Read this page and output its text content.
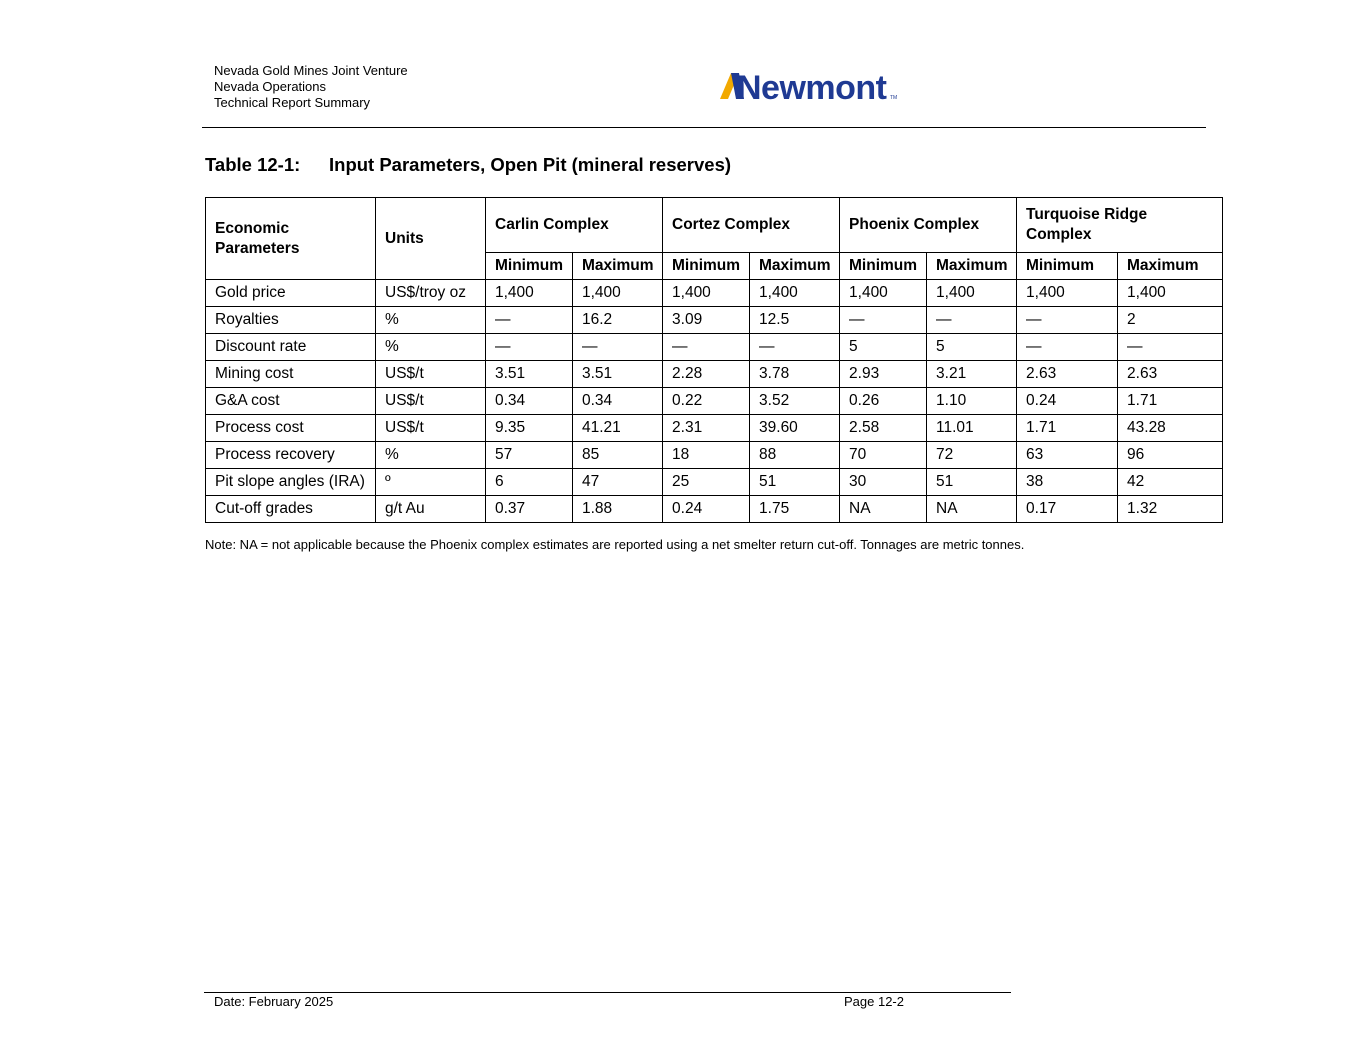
Nevada Gold Mines Joint Venture
Nevada Operations
Technical Report Summary	Newmont TM
Table 12-1: Input Parameters, Open Pit (mineral reserves)
Economic Parameters	Units	Carlin Complex		Cortez Complex		Phoenix Complex		Turquoise Ridge Complex	
		Minimum	Maximum	Minimum	Maximum	Minimum	Maximum	Minimum	Maximum
Gold price	US$/troy oz	1,400	1,400	1,400	1,400	1,400	1,400	1,400	1,400
Royalties	%	—	16.2	3.09	12.5	—	—	—	2
Discount rate	%	—	—	—	—	5	5	—	—
Mining cost	US$/t	3.51	3.51	2.28	3.78	2.93	3.21	2.63	2.63
G&A cost	US$/t	0.34	0.34	0.22	3.52	0.26	1.10	0.24	1.71
Process cost	US$/t	9.35	41.21	2.31	39.60	2.58	11.01	1.71	43.28
Process recovery	%	57	85	18	88	70	72	63	96
Pit slope angles (IRA)	º	6	47	25	51	30	51	38	42
Cut-off grades	g/t Au	0.37	1.88	0.24	1.75	NA	NA	0.17	1.32
Note: NA = not applicable because the Phoenix complex estimates are reported using a net smelter return cut-off. Tonnages are metric tonnes.
Date: February 2025	Page 12-2
